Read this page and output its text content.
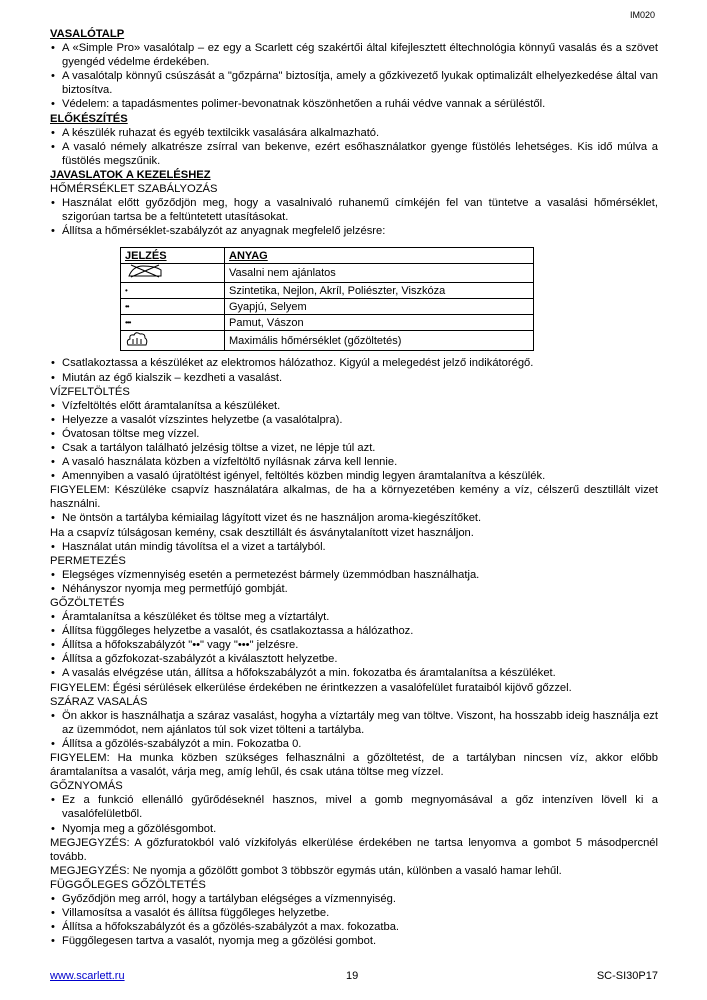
IM020
VASALÓTALP
• A «Simple Pro» vasalótalp – ez egy a Scarlett cég szakértői által kifejlesztett éltechnológia könnyű vasalás és a szövet gyengéd védelme érdekében.
• A vasalótalp könnyű csúszását a "gőzpárna" biztosítja, amely a gőzkivezető lyukak optimalizált elhelyezkedése által van biztosítva.
• Védelem: a tapadásmentes polimer-bevonatnak köszönhetően a ruhái védve vannak a sérüléstől.
ELŐKÉSZÍTÉS
• A készülék ruhazat és egyéb textilcikk vasalására alkalmazható.
• A vasaló némely alkatrésze zsírral van bekenve, ezért esőhasználatkor gyenge füstölés lehetséges. Kis idő múlva a füstölés megszűnik.
JAVASLATOK A KEZELÉSHEZ
HŐMÉRSÉKLET SZABÁLYOZÁS
• Használat előtt győződjön meg, hogy a vasalnivaló ruhanemű címkéjén fel van tüntetve a vasalási hőmérséklet, szigorúan tartsa be a feltüntetett utasításokat.
• Állítsa a hőmérséklet-szabályzót az anyagnak megfelelő jelzésre:
JELZÉS	ANYAG
	Vasalni nem ajánlatos
•	Szintetika, Nejlon, Akríl, Poliészter, Viszkóza
••	Gyapjú, Selyem
•••	Pamut, Vászon
	Maximális hőmérséklet (gőzöltetés)
• Csatlakoztassa a készüléket az elektromos hálózathoz. Kigyúl a melegedést jelző indikátorégő.
• Miután az égő kialszik – kezdheti a vasalást.
VÍZFELTÖLTÉS
• Vízfeltöltés előtt áramtalanítsa a készüléket.
• Helyezze a vasalót vízszintes helyzetbe (a vasalótalpra).
• Óvatosan töltse meg vízzel.
• Csak a tartályon található jelzésig töltse a vizet, ne lépje túl azt.
• A vasaló használata közben a vízfeltöltő nyílásnak zárva kell lennie.
• Amennyiben a vasaló újratöltést igényel, feltöltés közben mindig legyen áramtalanítva a készülék.
FIGYELEM: Készüléke csapvíz használatára alkalmas, de ha a környezetében kemény a víz, célszerű desztillált vizet használni.
• Ne öntsön a tartályba kémiailag lágyított vizet és ne használjon aroma-kiegészítőket.
Ha a csapvíz túlságosan kemény, csak desztillált és ásványtalanított vizet használjon.
• Használat után mindig távolítsa el a vizet a tartályból.
PERMETEZÉS
• Elegséges vízmennyiség esetén a permetezést bármely üzemmódban használhatja.
• Néhányszor nyomja meg permetfújó gombját.
GŐZÖLTETÉS
• Áramtalanítsa a készüléket és töltse meg a víztartályt.
• Állítsa függőleges helyzetbe a vasalót, és csatlakoztassa a hálózathoz.
• Állítsa a hőfokszabályzót "••" vagy "•••" jelzésre.
• Állítsa a gőzfokozat-szabályzót a kiválasztott helyzetbe.
• A vasalás elvégzése után, állítsa a hőfokszabályzót a min. fokozatba és áramtalanítsa a készüléket.
FIGYELEM: Égési sérülések elkerülése érdekében ne érintkezzen a vasalófelület furataiból kijövő gőzzel.
SZÁRAZ VASALÁS
• Ön akkor is használhatja a száraz vasalást, hogyha a víztartály meg van töltve. Viszont, ha hosszabb ideig használja ezt az üzemmódot, nem ajánlatos túl sok vizet tölteni a tartályba.
• Állítsa a gőzölés-szabályzót a min. Fokozatba 0.
FIGYELEM: Ha munka közben szükséges felhasználni a gőzöltetést, de a tartályban nincsen víz, akkor előbb áramtalanítsa a vasalót, várja meg, amíg lehűl, és csak utána töltse meg vízzel.
GŐZNYOMÁS
• Ez a funkció ellenálló gyűrődéseknél hasznos, mivel a gomb megnyomásával a gőz intenzíven lövell ki a vasalófelületből.
• Nyomja meg a gőzölésgombot.
MEGJEGYZÉS: A gőzfuratokból való vízkifolyás elkerülése érdekében ne tartsa lenyomva a gombot 5 másodpercnél tovább.
MEGJEGYZÉS: Ne nyomja a gőzölőtt gombot 3 többször egymás után, különben a vasaló hamar lehűl.
FÜGGŐLEGES GŐZÖLTETÉS
• Győződjön meg arról, hogy a tartályban elégséges a vízmennyiség.
• Villamosítsa a vasalót és állítsa függőleges helyzetbe.
• Állítsa a hőfokszabályzót és a gőzölés-szabályzót a max. fokozatba.
• Függőlegesen tartva a vasalót, nyomja meg a gőzölési gombot.
www.scarlett.ru	19	SC-SI30P17
